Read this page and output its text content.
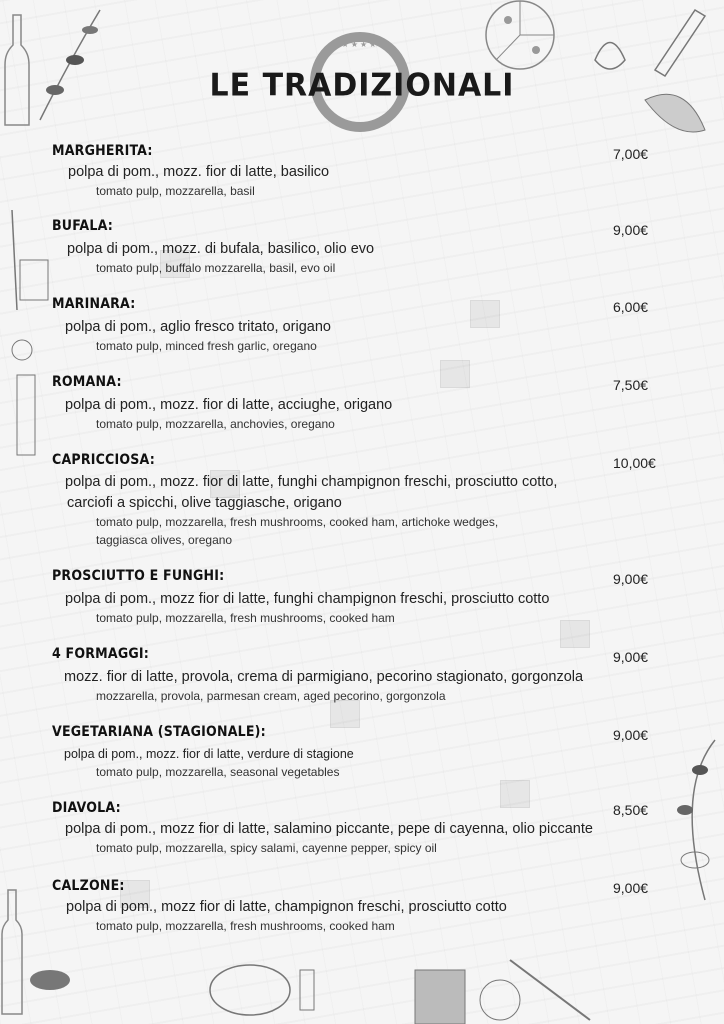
★★★★
LE TRADIZIONALI
MARGHERITA:	7,00€
polpa di pom., mozz. fior di latte, basilico
tomato pulp, mozzarella, basil
BUFALA:	9,00€
polpa di pom., mozz. di bufala, basilico, olio evo
tomato pulp, buffalo mozzarella, basil, evo oil
MARINARA:	6,00€
polpa di pom., aglio fresco tritato, origano
tomato pulp, minced fresh garlic, oregano
ROMANA:	7,50€
polpa di pom., mozz. fior di latte, acciughe, origano
tomato pulp, mozzarella, anchovies, oregano
CAPRICCIOSA:	10,00€
polpa di pom., mozz. fior di latte, funghi champignon freschi, prosciutto cotto,
carciofi a spicchi, olive taggiasche, origano
tomato pulp, mozzarella, fresh mushrooms, cooked ham, artichoke wedges,
taggiasca olives, oregano
PROSCIUTTO E FUNGHI:	9,00€
polpa di pom., mozz fior di latte, funghi champignon freschi, prosciutto cotto
tomato pulp, mozzarella, fresh mushrooms, cooked ham
4 FORMAGGI:	9,00€
mozz. fior di latte, provola, crema di parmigiano, pecorino stagionato, gorgonzola
mozzarella, provola, parmesan cream, aged pecorino, gorgonzola
VEGETARIANA (STAGIONALE):	9,00€
polpa di pom., mozz. fior di latte, verdure di stagione
tomato pulp, mozzarella, seasonal vegetables
DIAVOLA:	8,50€
polpa di pom., mozz fior di latte, salamino piccante, pepe di cayenna, olio piccante
tomato pulp, mozzarella, spicy salami, cayenne pepper, spicy oil
CALZONE:	9,00€
polpa di pom., mozz fior di latte, champignon freschi, prosciutto cotto
tomato pulp, mozzarella, fresh mushrooms, cooked ham
